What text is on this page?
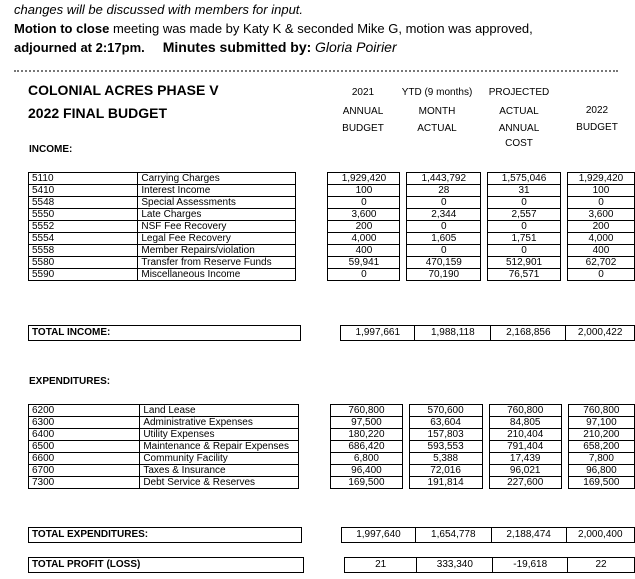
changes will be discussed with members for input.
Motion to close meeting was made by Katy K & seconded Mike G, motion was approved,
adjourned at 2:17pm. Minutes submitted by: Gloria Poirier
COLONIAL ACRES PHASE V
2022 FINAL BUDGET
2021
ANNUAL
BUDGET
YTD (9 months)
MONTH
ACTUAL
PROJECTED
ACTUAL
ANNUAL
COST
2022
BUDGET
INCOME:
5110	Carrying Charges		1,929,420		1,443,792		1,575,046		1,929,420
5410	Interest Income		100		28		31		100
5548	Special Assessments		0		0		0		0
5550	Late Charges		3,600		2,344		2,557		3,600
5552	NSF Fee Recovery		200		0		0		200
5554	Legal Fee Recovery		4,000		1,605		1,751		4,000
5558	Member Repairs/violation		400		0		0		400
5580	Transfer from Reserve Funds		59,941		470,159		512,901		62,702
5590	Miscellaneous Income		0		70,190		76,571		0
TOTAL INCOME:		1,997,661	1,988,118	2,168,856	2,000,422
EXPENDITURES:
6200	Land Lease		760,800		570,600		760,800		760,800
6300	Administrative Expenses		97,500		63,604		84,805		97,100
6400	Utility Expenses		180,220		157,803		210,404		210,200
6500	Maintenance & Repair Expenses		686,420		593,553		791,404		658,200
6600	Community Facility		6,800		5,388		17,439		7,800
6700	Taxes & Insurance		96,400		72,016		96,021		96,800
7300	Debt Service & Reserves		169,500		191,814		227,600		169,500
TOTAL EXPENDITURES:		1,997,640	1,654,778	2,188,474	2,000,400
TOTAL PROFIT (LOSS)		21	333,340	-19,618	22
